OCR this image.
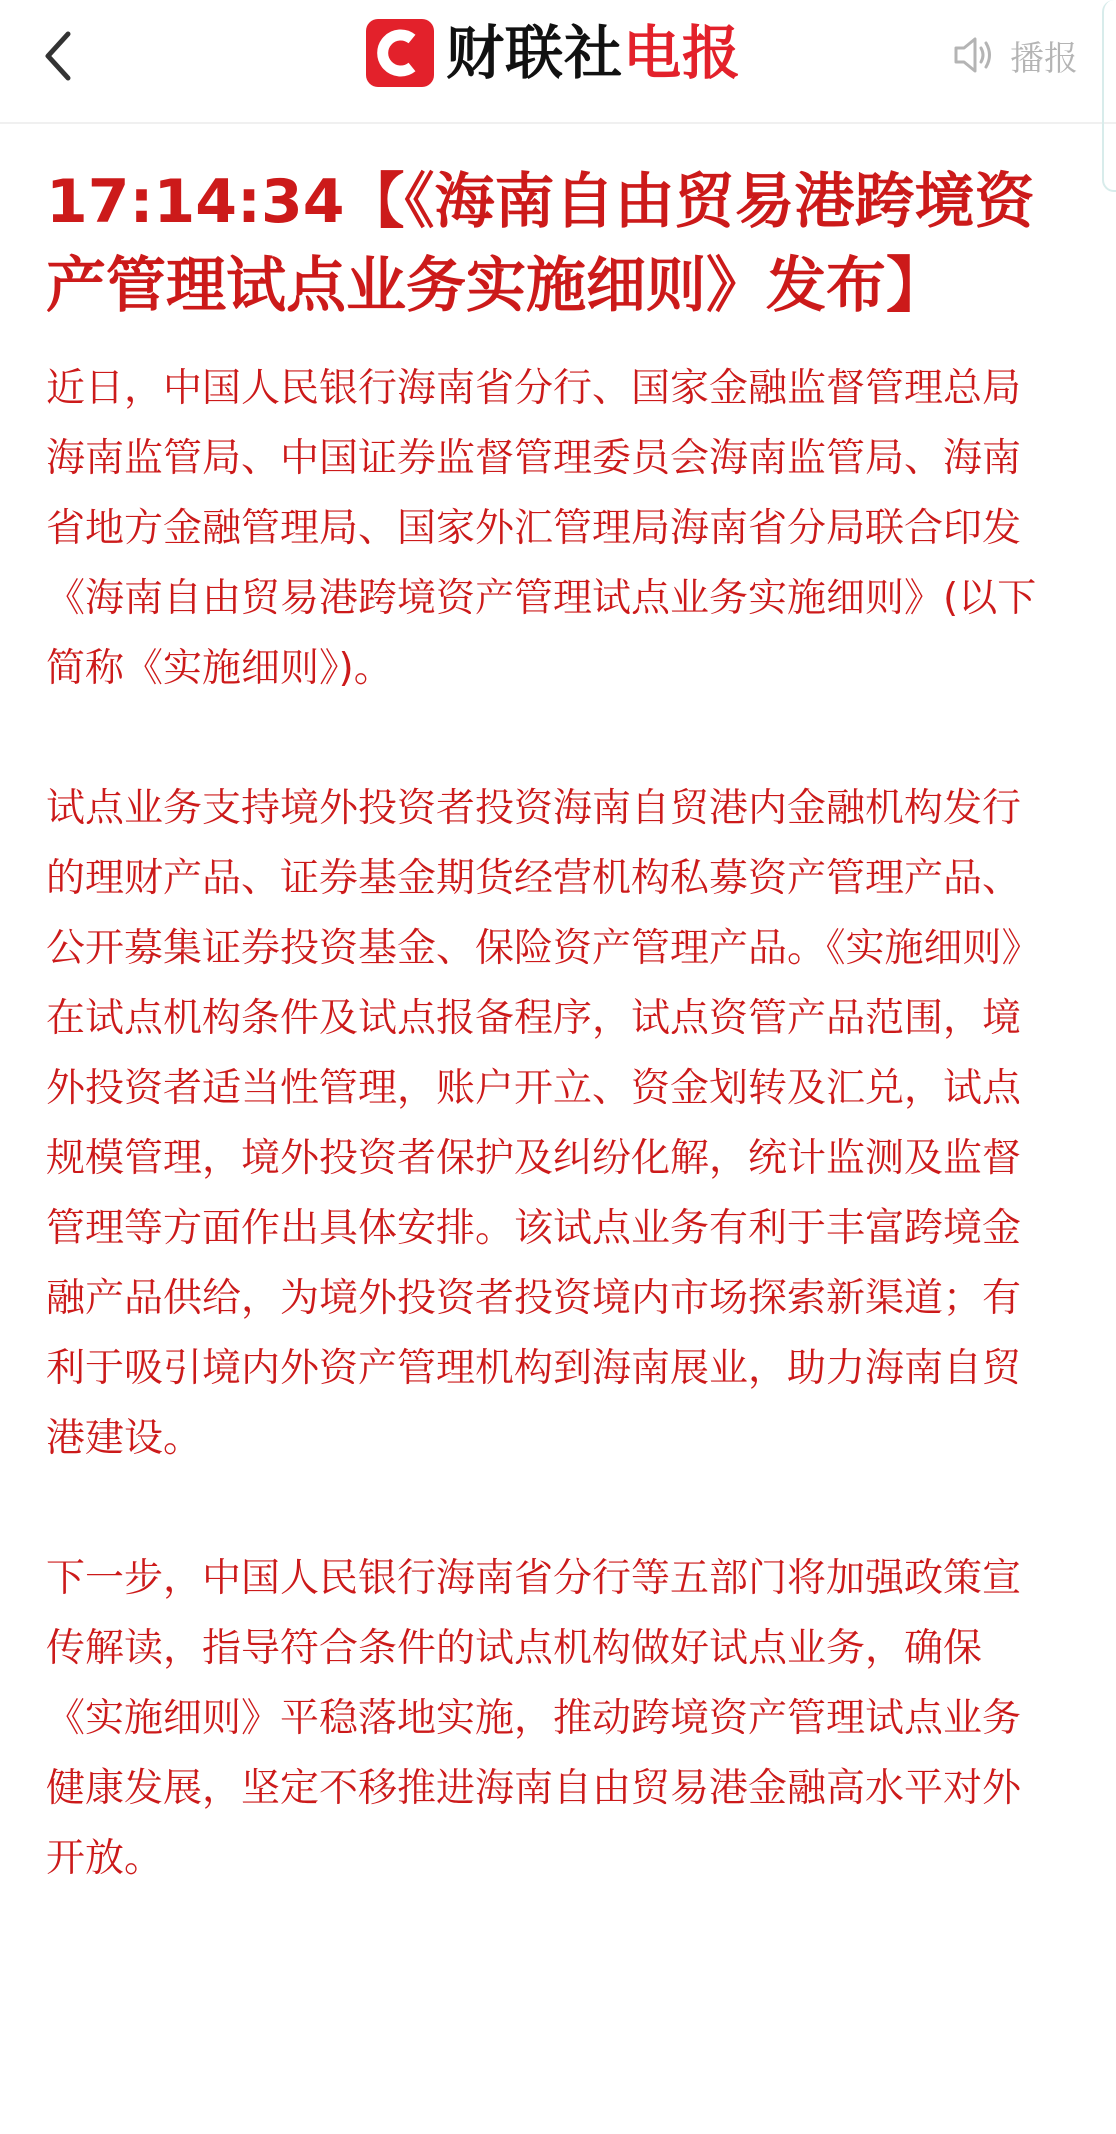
财联社电报	播报
17:14:34【《海南自由贸易港跨境资产管理试点业务实施细则》发布】

近日，中国人民银行海南省分行、国家金融监督管理总局海南监管局、中国证券监督管理委员会海南监管局、海南省地方金融管理局、国家外汇管理局海南省分局联合印发《海南自由贸易港跨境资产管理试点业务实施细则》(以下简称《实施细则》)。

试点业务支持境外投资者投资海南自贸港内金融机构发行的理财产品、证券基金期货经营机构私募资产管理产品、公开募集证券投资基金、保险资产管理产品。《实施细则》在试点机构条件及试点报备程序，试点资管产品范围，境外投资者适当性管理，账户开立、资金划转及汇兑，试点规模管理，境外投资者保护及纠纷化解，统计监测及监督管理等方面作出具体安排。该试点业务有利于丰富跨境金融产品供给，为境外投资者投资境内市场探索新渠道；有利于吸引境内外资产管理机构到海南展业，助力海南自贸港建设。

下一步，中国人民银行海南省分行等五部门将加强政策宣传解读，指导符合条件的试点机构做好试点业务，确保《实施细则》平稳落地实施，推动跨境资产管理试点业务健康发展，坚定不移推进海南自由贸易港金融高水平对外开放。
